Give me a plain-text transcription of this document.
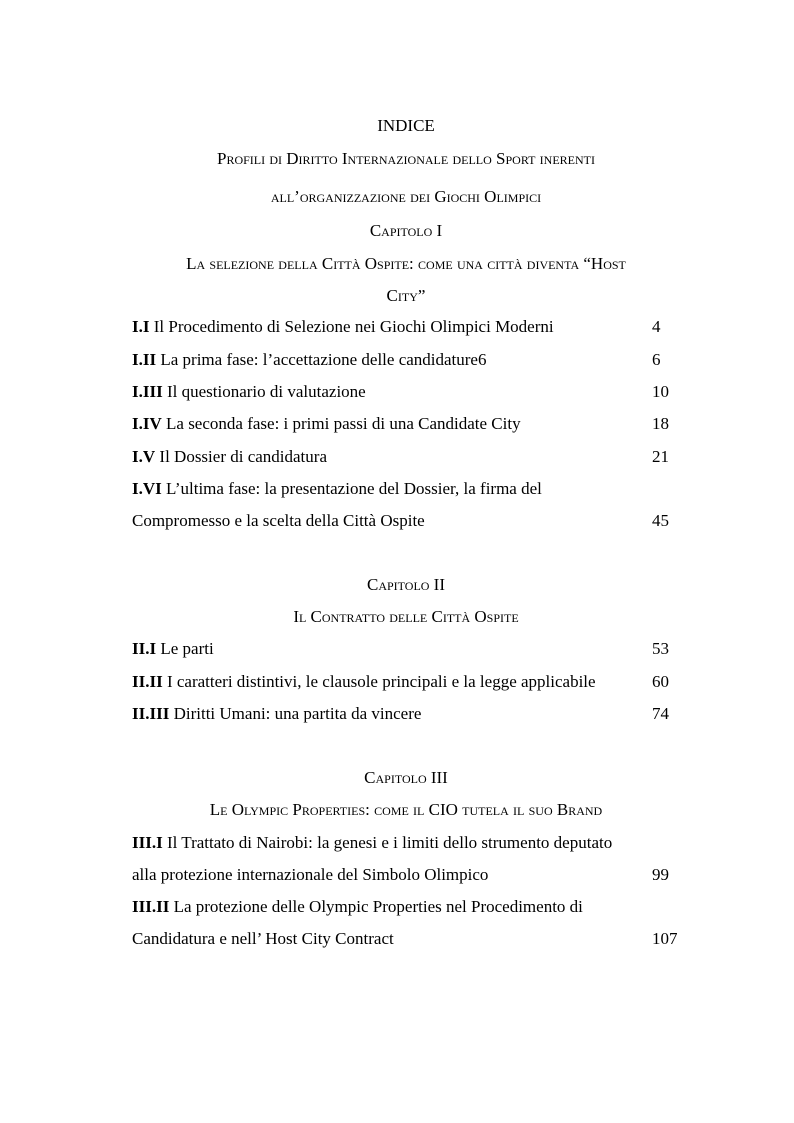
INDICE
Profili di Diritto Internazionale dello Sport inerenti
all’organizzazione dei Giochi Olimpici
Capitolo I
La selezione della Città Ospite: come una città diventa “Host
City”
I.I Il Procedimento di Selezione nei Giochi Olimpici Moderni	4
I.II La prima fase: l’accettazione delle candidature6	6
I.III Il questionario di valutazione	10
I.IV La seconda fase: i primi passi di una Candidate City	18
I.V Il Dossier di candidatura	21
I.VI L’ultima fase: la presentazione del Dossier, la firma del
Compromesso e la scelta della Città Ospite	45
Capitolo II
Il Contratto delle Città Ospite
II.I Le parti	53
II.II I caratteri distintivi, le clausole principali e la legge applicabile	60
II.III Diritti Umani: una partita da vincere	74
Capitolo III
Le Olympic Properties: come il CIO tutela il suo Brand
III.I Il Trattato di Nairobi: la genesi e i limiti dello strumento deputato
alla protezione internazionale del Simbolo Olimpico	99
III.II La protezione delle Olympic Properties nel Procedimento di
Candidatura e nell’ Host City Contract	107
